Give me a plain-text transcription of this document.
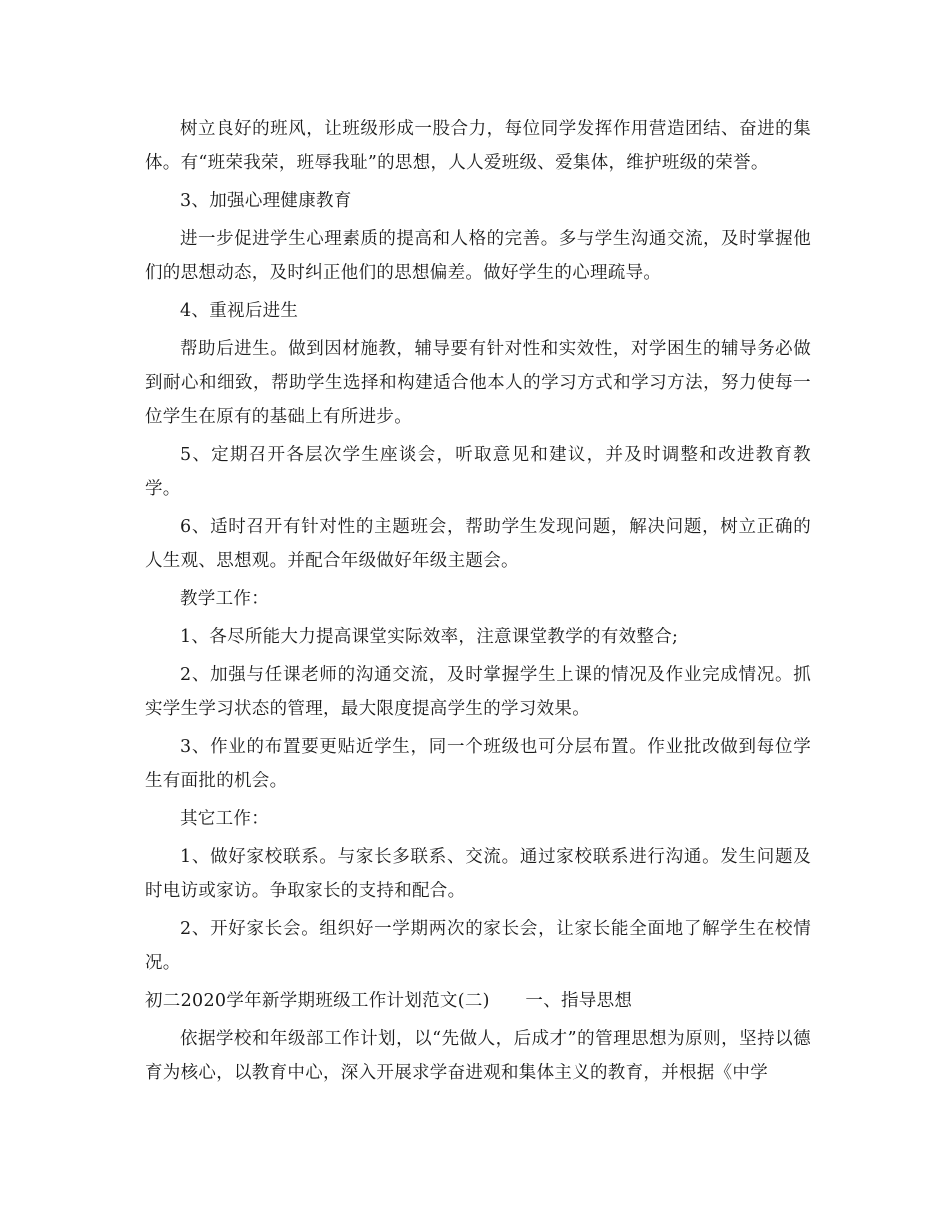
树立良好的班风，让班级形成一股合力，每位同学发挥作用营造团结、奋进的集体。有“班荣我荣，班辱我耻”的思想，人人爱班级、爱集体，维护班级的荣誉。

3、加强心理健康教育

进一步促进学生心理素质的提高和人格的完善。多与学生沟通交流，及时掌握他们的思想动态，及时纠正他们的思想偏差。做好学生的心理疏导。

4、重视后进生

帮助后进生。做到因材施教，辅导要有针对性和实效性，对学困生的辅导务必做到耐心和细致，帮助学生选择和构建适合他本人的学习方式和学习方法，努力使每一位学生在原有的基础上有所进步。

5、定期召开各层次学生座谈会，听取意见和建议，并及时调整和改进教育教学。

6、适时召开有针对性的主题班会，帮助学生发现问题，解决问题，树立正确的人生观、思想观。并配合年级做好年级主题会。

教学工作：

1、各尽所能大力提高课堂实际效率，注意课堂教学的有效整合;

2、加强与任课老师的沟通交流，及时掌握学生上课的情况及作业完成情况。抓实学生学习状态的管理，最大限度提高学生的学习效果。

3、作业的布置要更贴近学生，同一个班级也可分层布置。作业批改做到每位学生有面批的机会。

其它工作：

1、做好家校联系。与家长多联系、交流。通过家校联系进行沟通。发生问题及时电访或家访。争取家长的支持和配合。

2、开好家长会。组织好一学期两次的家长会，让家长能全面地了解学生在校情况。

初二2020学年新学期班级工作计划范文(二)　　一、指导思想

依据学校和年级部工作计划，以“先做人，后成才”的管理思想为原则，坚持以德育为核心，以教育中心，深入开展求学奋进观和集体主义的教育，并根据《中学
